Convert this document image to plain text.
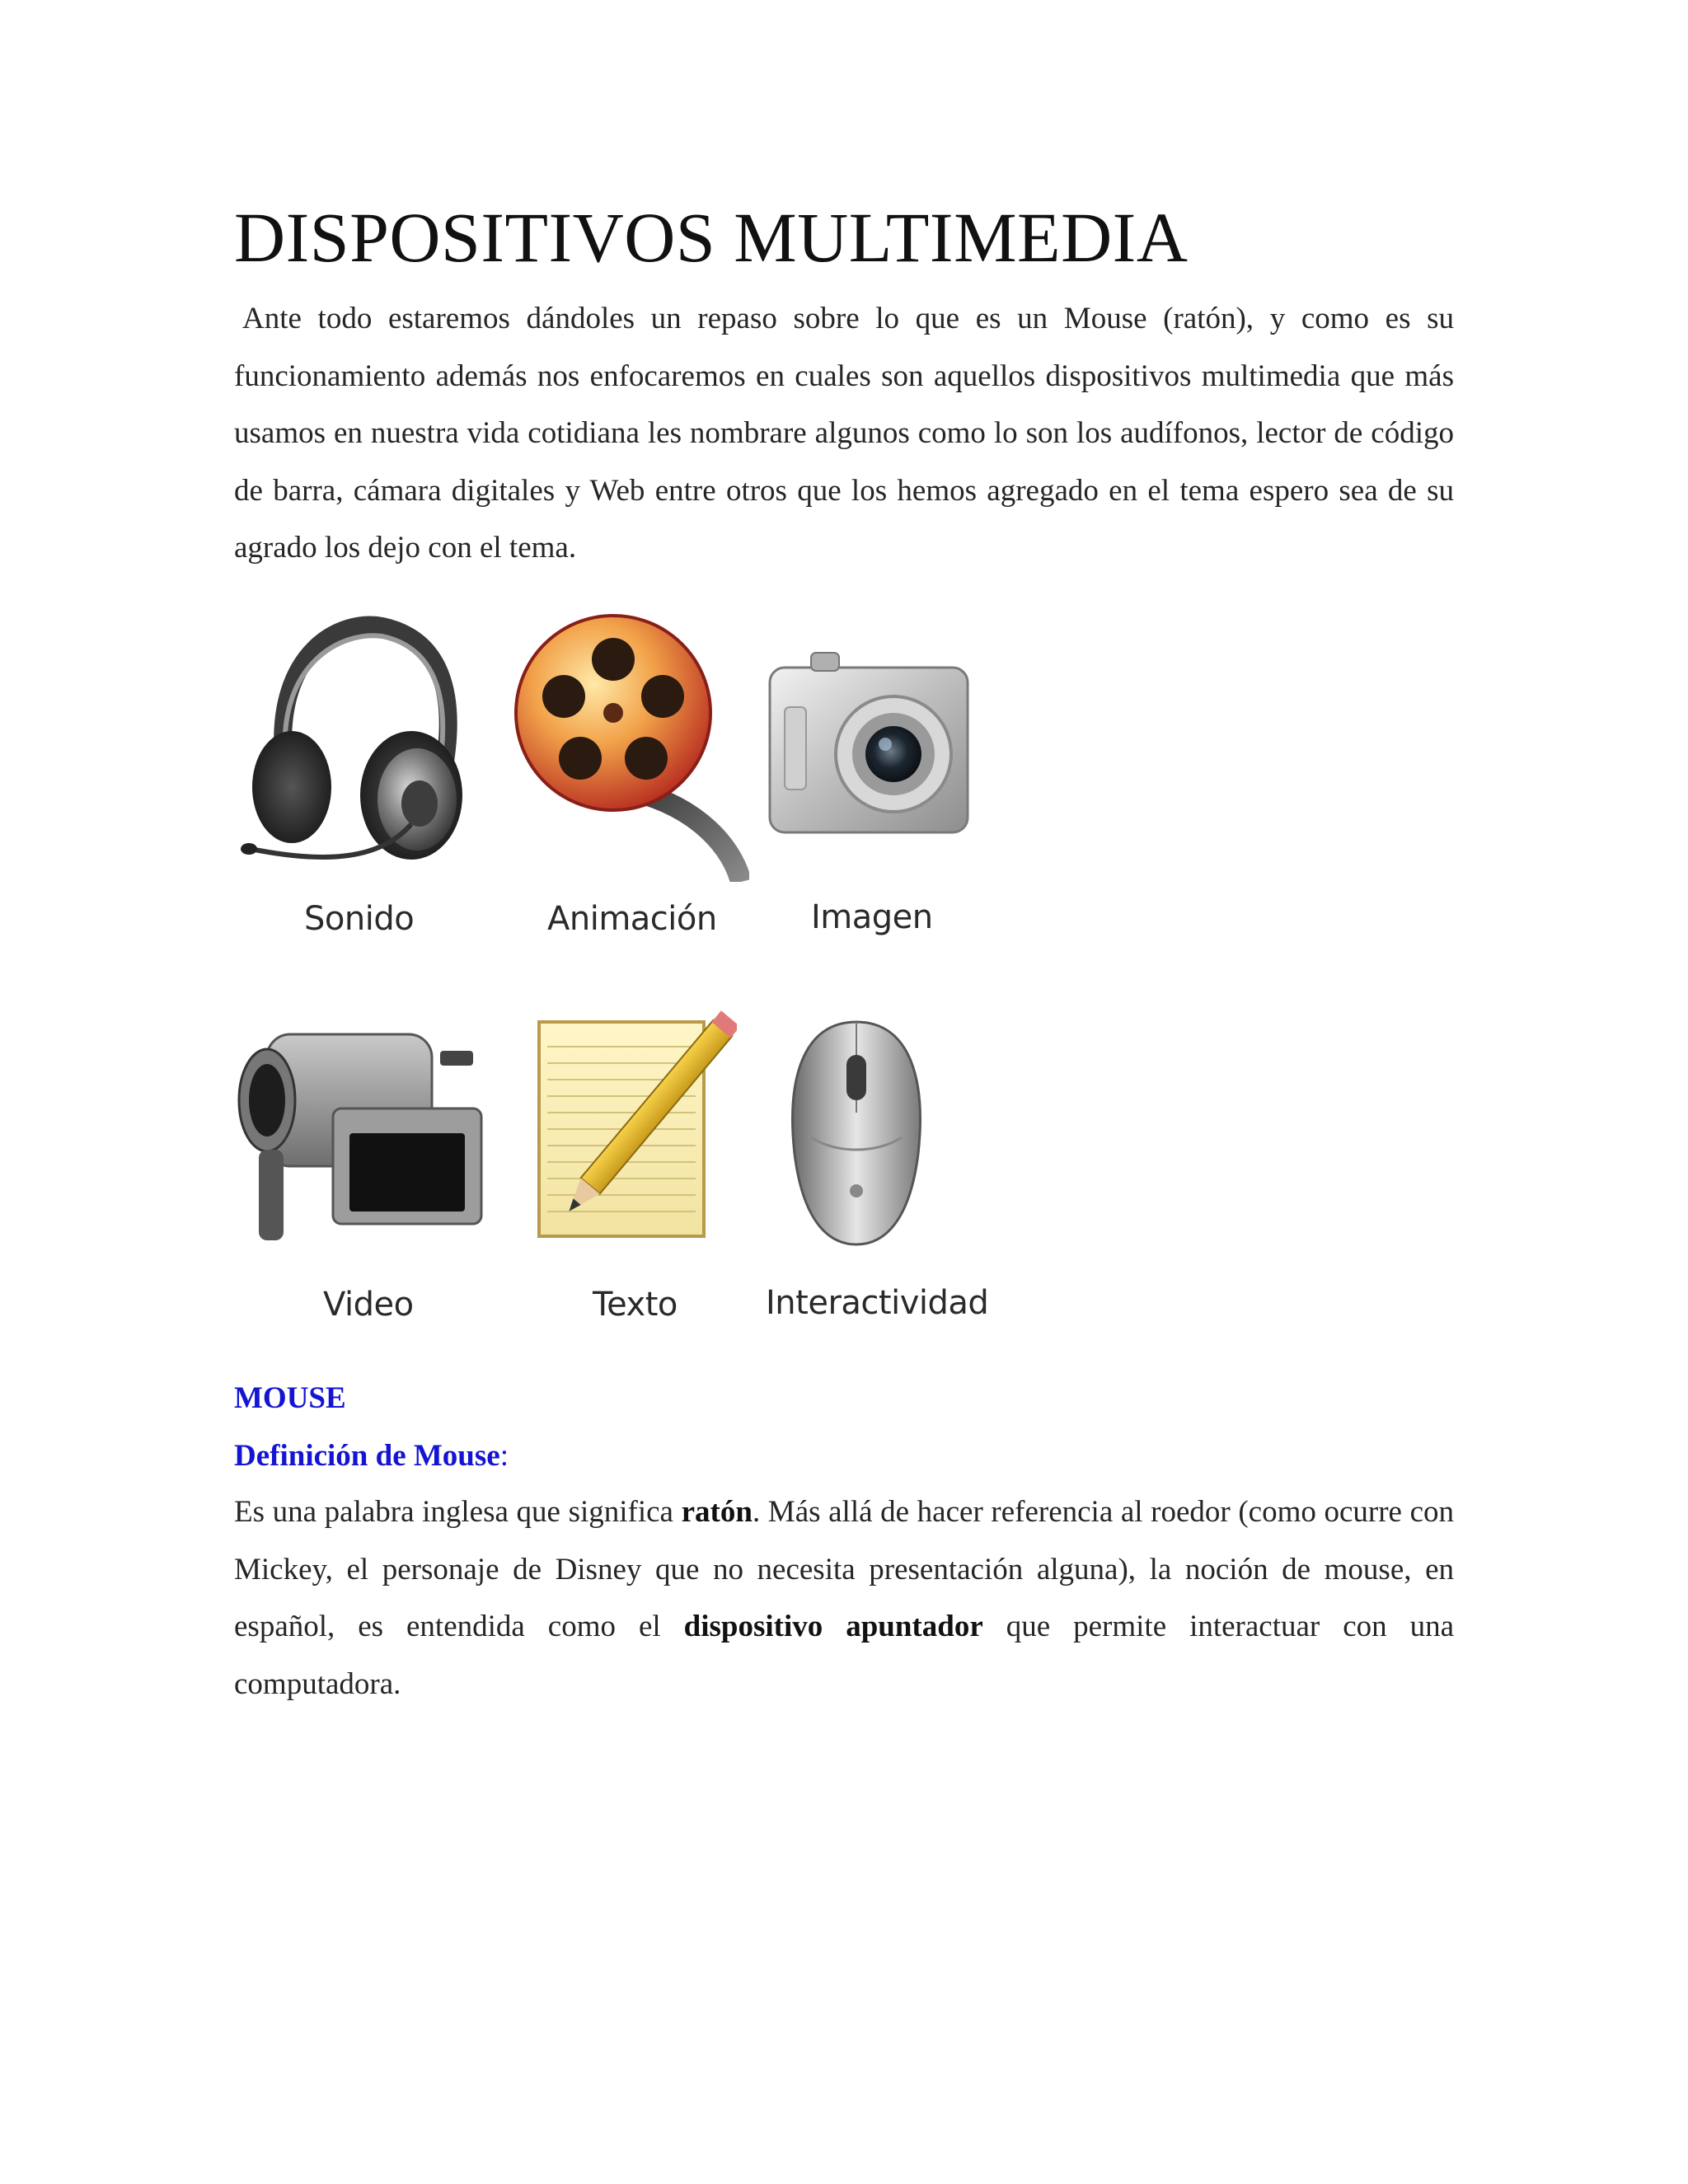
DISPOSITIVOS MULTIMEDIA

Ante todo estaremos dándoles un repaso sobre lo que es un Mouse (ratón), y como es su funcionamiento además nos enfocaremos en cuales son aquellos dispositivos multimedia que más usamos en nuestra vida cotidiana les nombrare algunos como lo son los audífonos, lector de código de barra, cámara digitales y Web entre otros que los hemos agregado en el tema espero sea de su agrado los dejo con el tema.

Sonido	Animación	Imagen
Video	Texto	Interactividad
MOUSE
Definición de Mouse:

Es una palabra inglesa que significa ratón. Más allá de hacer referencia al roedor (como ocurre con Mickey, el personaje de Disney que no necesita presentación alguna), la noción de mouse, en español, es entendida como el dispositivo apuntador que permite interactuar con una computadora.
